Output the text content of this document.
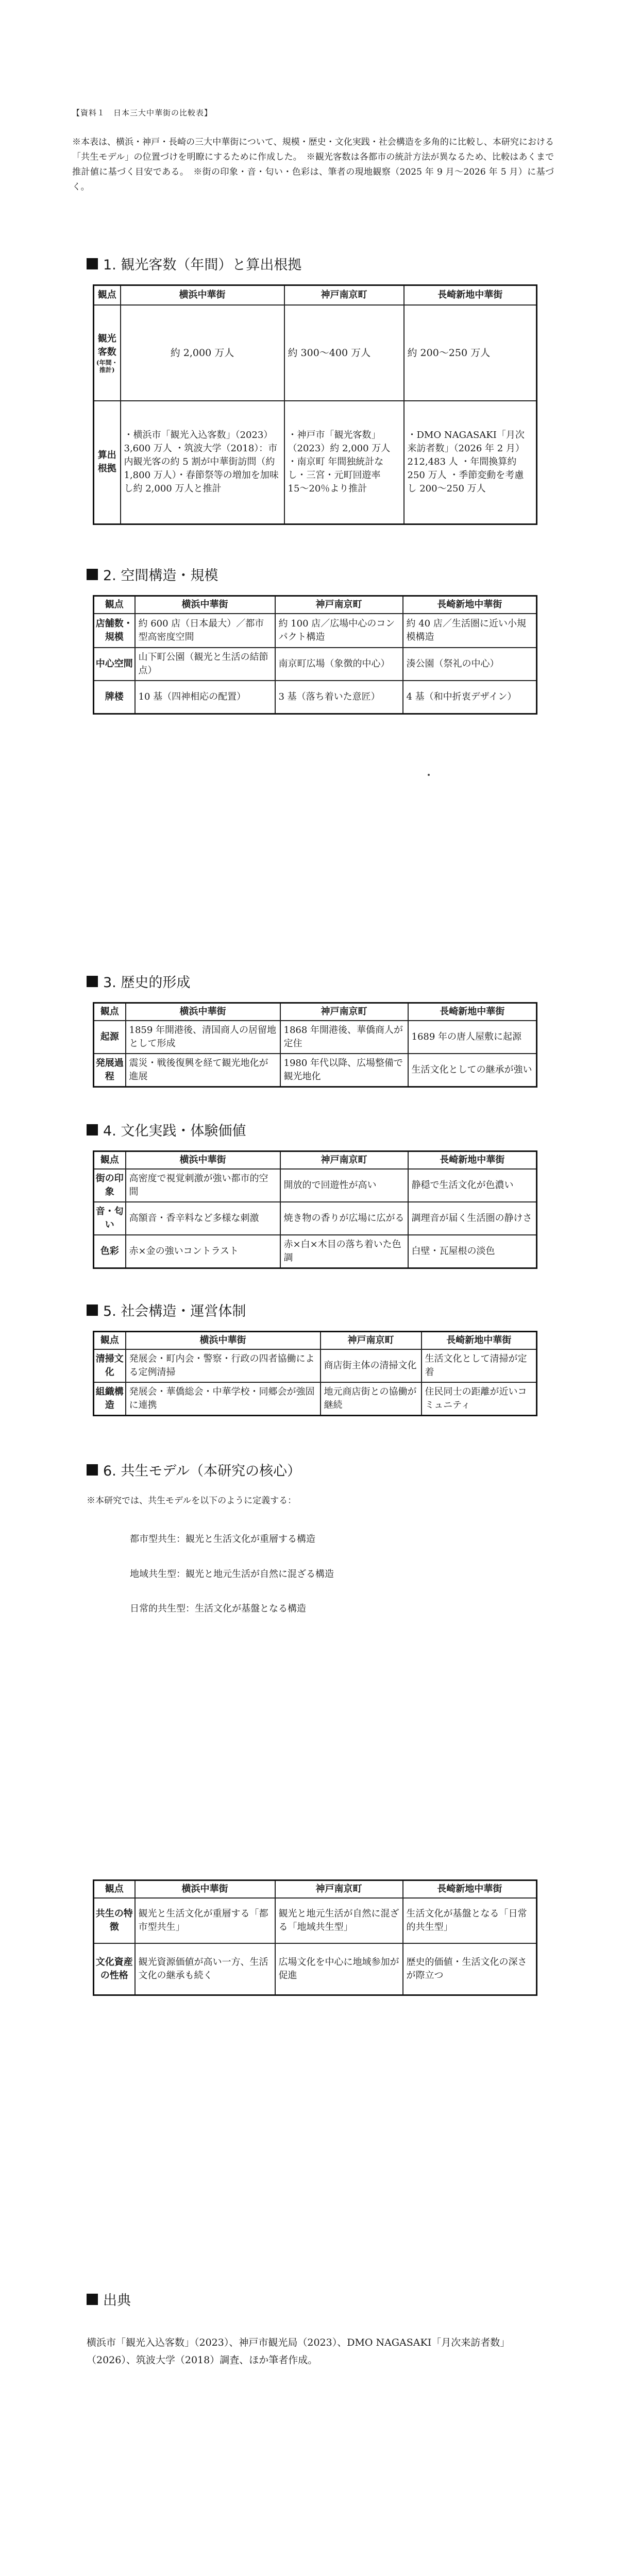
【資料１　日本三大中華街の比較表】
※本表は、横浜・神戸・長崎の三大中華街について、規模・歴史・文化実践・社会構造を多角的に比較し、本研究における「共生モデル」の位置づけを明瞭にするために作成した。　※観光客数は各都市の統計方法が異なるため、比較はあくまで推計値に基づく目安である。　※街の印象・音・匂い・色彩は、筆者の現地観察（2025 年 9 月〜2026 年 5 月）に基づく。
1. 観光客数（年間）と算出根拠
観点	横浜中華街	神戸南京町	長崎新地中華街
観光客数
(年間・推計)	約 2,000 万人	約 300〜400 万人	約 200〜250 万人
算出根拠	・横浜市「観光入込客数」（2023）3,600 万人 ・筑波大学（2018）：市内観光客の約 5 割が中華街訪問（約 1,800 万人）・春節祭等の増加を加味し約 2,000 万人と推計	・神戸市「観光客数」（2023）約 2,000 万人 ・南京町 年間独統計なし・三宮・元町回遊率 15〜20％より推計	・DMO NAGASAKI「月次来訪者数」（2026 年 2 月）212,483 人 ・年間換算約 250 万人 ・季節変動を考慮し 200〜250 万人
2. 空間構造・規模
観点	横浜中華街	神戸南京町	長崎新地中華街
店舗数・規模	約 600 店（日本最大）／都市型高密度空間	約 100 店／広場中心のコンパクト構造	約 40 店／生活圏に近い小規模構造
中心空間	山下町公園（観光と生活の結節点）	南京町広場（象徴的中心）	湊公園（祭礼の中心）
牌楼	10 基（四神相応の配置）	3 基（落ち着いた意匠）	4 基（和中折衷デザイン）
3. 歴史的形成
観点	横浜中華街	神戸南京町	長崎新地中華街
起源	1859 年開港後、清国商人の居留地として形成	1868 年開港後、華僑商人が定住	1689 年の唐人屋敷に起源
発展過程	震災・戦後復興を経て観光地化が進展	1980 年代以降、広場整備で観光地化	生活文化としての継承が強い
4. 文化実践・体験価値
観点	横浜中華街	神戸南京町	長崎新地中華街
街の印象	高密度で視覚刺激が強い都市的空間	開放的で回遊性が高い	静穏で生活文化が色濃い
音・匂い	高額音・香辛料など多様な刺激	焼き物の香りが広場に広がる	調理音が届く生活圏の静けさ
色彩	赤×金の強いコントラスト	赤×白×木目の落ち着いた色調	白壁・瓦屋根の淡色
5. 社会構造・運営体制
観点	横浜中華街	神戸南京町	長崎新地中華街
清掃文化	発展会・町内会・警察・行政の四者協働による定例清掃	商店街主体の清掃文化	生活文化として清掃が定着
組織構造	発展会・華僑総会・中華学校・同郷会が強固に連携	地元商店街との協働が継続	住民同士の距離が近いコミュニティ
6. 共生モデル（本研究の核心）
※本研究では、共生モデルを以下のように定義する：
都市型共生：観光と生活文化が重層する構造
地域共生型：観光と地元生活が自然に混ざる構造
日常的共生型：生活文化が基盤となる構造
観点	横浜中華街	神戸南京町	長崎新地中華街
共生の特徴	観光と生活文化が重層する「都市型共生」	観光と地元生活が自然に混ざる「地域共生型」	生活文化が基盤となる「日常的共生型」
文化資産の性格	観光資源価値が高い一方、生活文化の継承も続く	広場文化を中心に地域参加が促進	歴史的価値・生活文化の深さが際立つ
出典
横浜市「観光入込客数」（2023）、神戸市観光局（2023）、DMO NAGASAKI「月次来訪者数」（2026）、筑波大学（2018）調査、ほか筆者作成。
